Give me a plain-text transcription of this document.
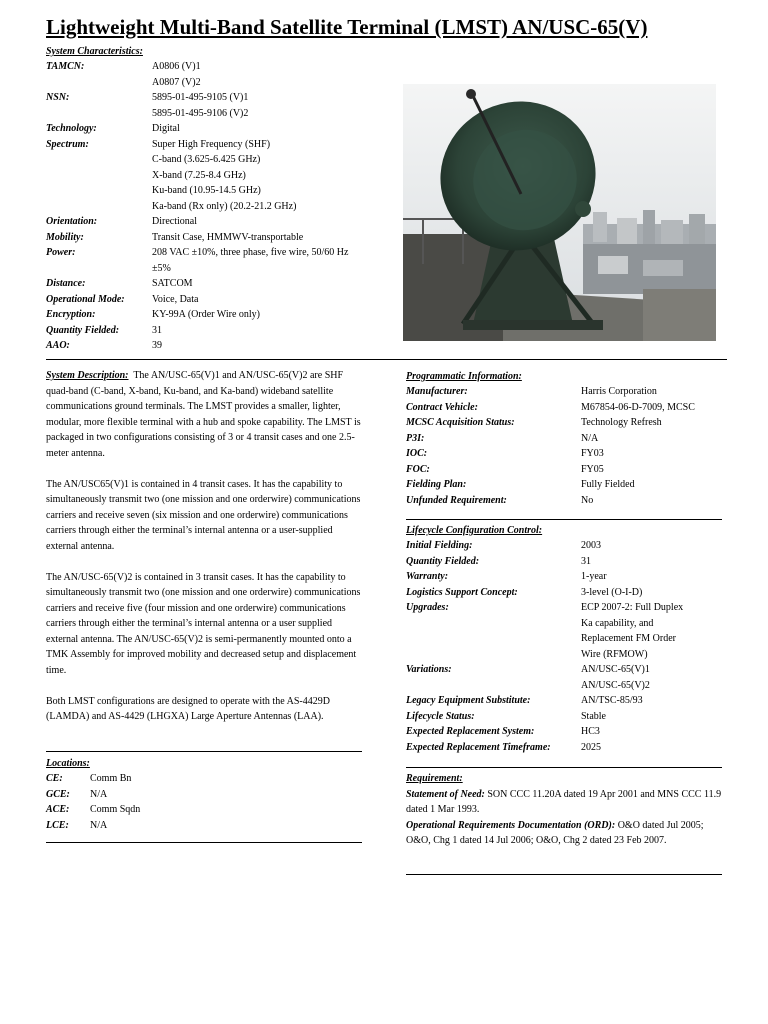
Lightweight Multi-Band Satellite Terminal (LMST) AN/USC-65(V)
System Characteristics:
TAMCN:	A0806 (V)1
A0807 (V)2
NSN:	5895-01-495-9105 (V)1
5895-01-495-9106 (V)2
Technology:	Digital
Spectrum:	Super High Frequency (SHF)
C-band (3.625-6.425 GHz)
X-band (7.25-8.4 GHz)
Ku-band (10.95-14.5 GHz)
Ka-band (Rx only) (20.2-21.2 GHz)
Orientation:	Directional
Mobility:	Transit Case, HMMWV-transportable
Power:	208 VAC ±10%, three phase, five wire, 50/60 Hz ±5%
Distance:	SATCOM
Operational Mode:	Voice, Data
Encryption:	KY-99A (Order Wire only)
Quantity Fielded:	31
AAO:	39

System Description: The AN/USC-65(V)1 and AN/USC-65(V)2 are SHF quad-band (C-band, X-band, Ku-band, and Ka-band) wideband satellite communications ground terminals. The LMST provides a smaller, lighter, modular, more flexible terminal with a hub and spoke capability. The LMST is packaged in two configurations consisting of 3 or 4 transit cases and one 2.5-meter antenna.

The AN/USC65(V)1 is contained in 4 transit cases. It has the capability to simultaneously transmit two (one mission and one orderwire) communications carriers and receive seven (six mission and one orderwire) communications carriers through either the terminal’s internal antenna or a user-supplied external antenna.

The AN/USC-65(V)2 is contained in 3 transit cases. It has the capability to simultaneously transmit two (one mission and one orderwire) communications carriers and receive five (four mission and one orderwire) communications carriers through either the terminal’s internal antenna or a user supplied external antenna. The AN/USC-65(V)2 is semi-permanently mounted onto a TMK Assembly for improved mobility and decreased setup and displacement time.

Both LMST configurations are designed to operate with the AS-4429D (LAMDA) and AS-4429 (LHGXA) Large Aperture Antennas (LAA).

Locations:
CE:	Comm Bn
GCE: N/A
ACE: Comm Sqdn
LCE: N/A
Programmatic Information:
Manufacturer:	Harris Corporation
Contract Vehicle:	M67854-06-D-7009, MCSC
MCSC Acquisition Status:	Technology Refresh
P3I:	N/A
IOC:	FY03
FOC:	FY05
Fielding Plan:	Fully Fielded
Unfunded Requirement:	No
Lifecycle Configuration Control:
Initial Fielding:	2003
Quantity Fielded:	31
Warranty:	1-year
Logistics Support Concept:	3-level (O-I-D)
Upgrades:	ECP 2007-2: Full Duplex
Ka capability, and
Replacement FM Order
Wire (RFMOW)
Variations:	AN/USC-65(V)1
AN/USC-65(V)2
Legacy Equipment Substitute:	AN/TSC-85/93
Lifecycle Status:	Stable
Expected Replacement System:	HC3
Expected Replacement Timeframe:	2025

Requirement:

Statement of Need: SON CCC 11.20A dated 19 Apr 2001 and MNS CCC 11.9 dated 1 Mar 1993.

Operational Requirements Documentation (ORD): O&O dated Jul 2005; O&O, Chg 1 dated 14 Jul 2006; O&O, Chg 2 dated 23 Feb 2007.
